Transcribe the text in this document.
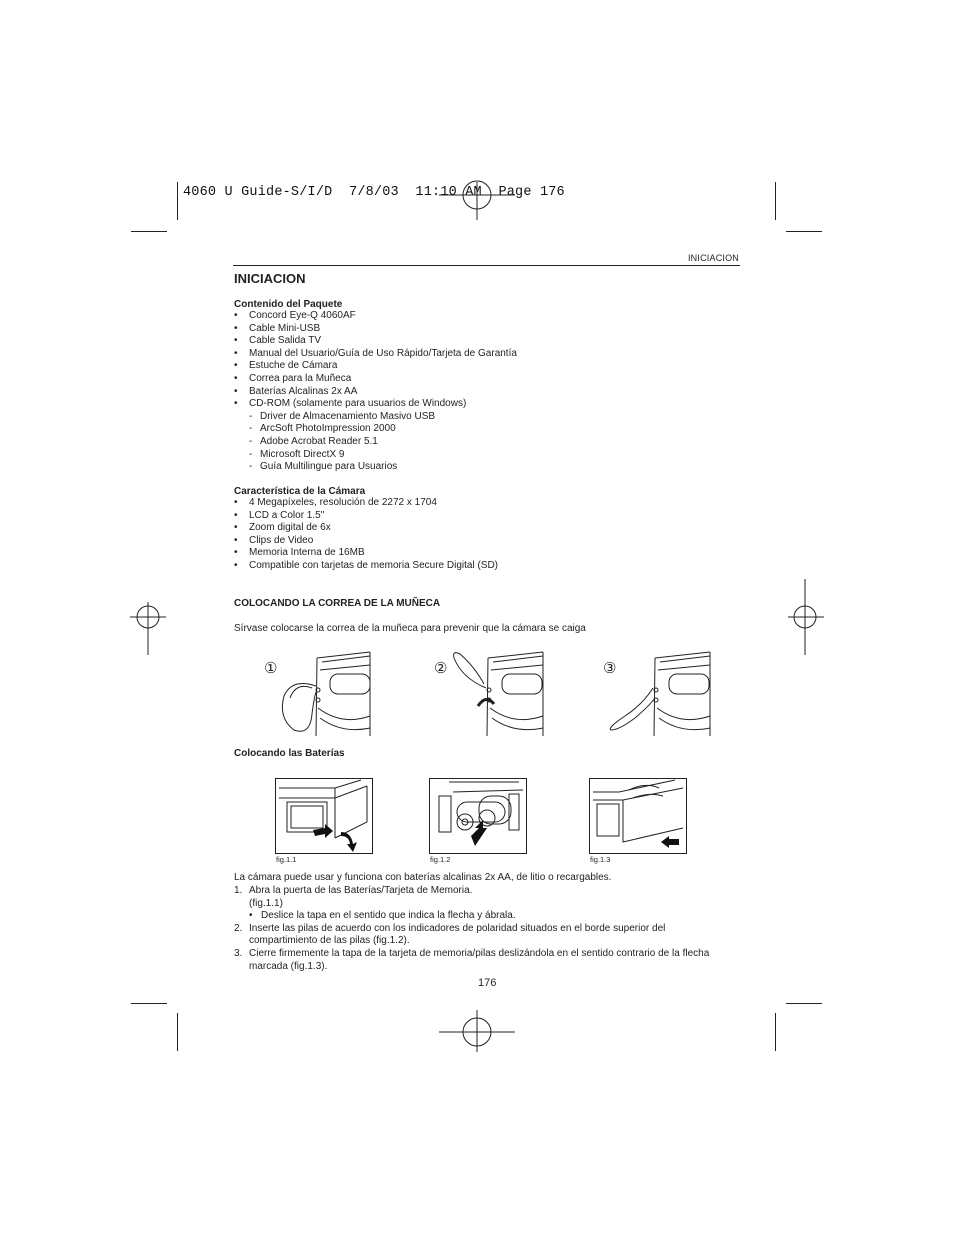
4060 U Guide-S/I/D  7/8/03  11:10 AM  Page 176
INICIACION
INICIACION
Contenido del Paquete
• Concord Eye-Q 4060AF
• Cable Mini-USB
• Cable Salida TV
• Manual del Usuario/Guía de Uso Rápido/Tarjeta de Garantía
• Estuche de Cámara
• Correa para la Muñeca
• Baterías Alcalinas 2x AA
• CD-ROM (solamente para usuarios de Windows)
- Driver de Almacenamiento Masivo USB
- ArcSoft PhotoImpression 2000
- Adobe Acrobat Reader 5.1
- Microsoft DirectX 9
- Guía Multilingue para Usuarios
Característica de la Cámara
• 4 Megapíxeles, resolución de 2272 x 1704
• LCD a Color 1.5"
• Zoom digital de 6x
• Clips de Video
• Memoria Interna de 16MB
• Compatible con tarjetas de memoria Secure Digital (SD)
COLOCANDO LA CORREA DE LA MUÑECA
Sírvase colocarse la correa de la muñeca para prevenir que la cámara se caiga
①	②	③
Colocando las Baterías
fig.1.1	fig.1.2	fig.1.3
La cámara puede usar y funciona con baterías alcalinas 2x AA, de litio o recargables.
1. Abra la puerta de las Baterías/Tarjeta de Memoria.
(fig.1.1)
• Deslice la tapa en el sentido que indica la flecha y ábrala.
2. Inserte las pilas de acuerdo con los indicadores de polaridad situados en el borde superior del compartimiento de las pilas (fig.1.2).
3. Cierre firmemente la tapa de la tarjeta de memoria/pilas deslizándola en el sentido contrario de la flecha marcada (fig.1.3).
176
